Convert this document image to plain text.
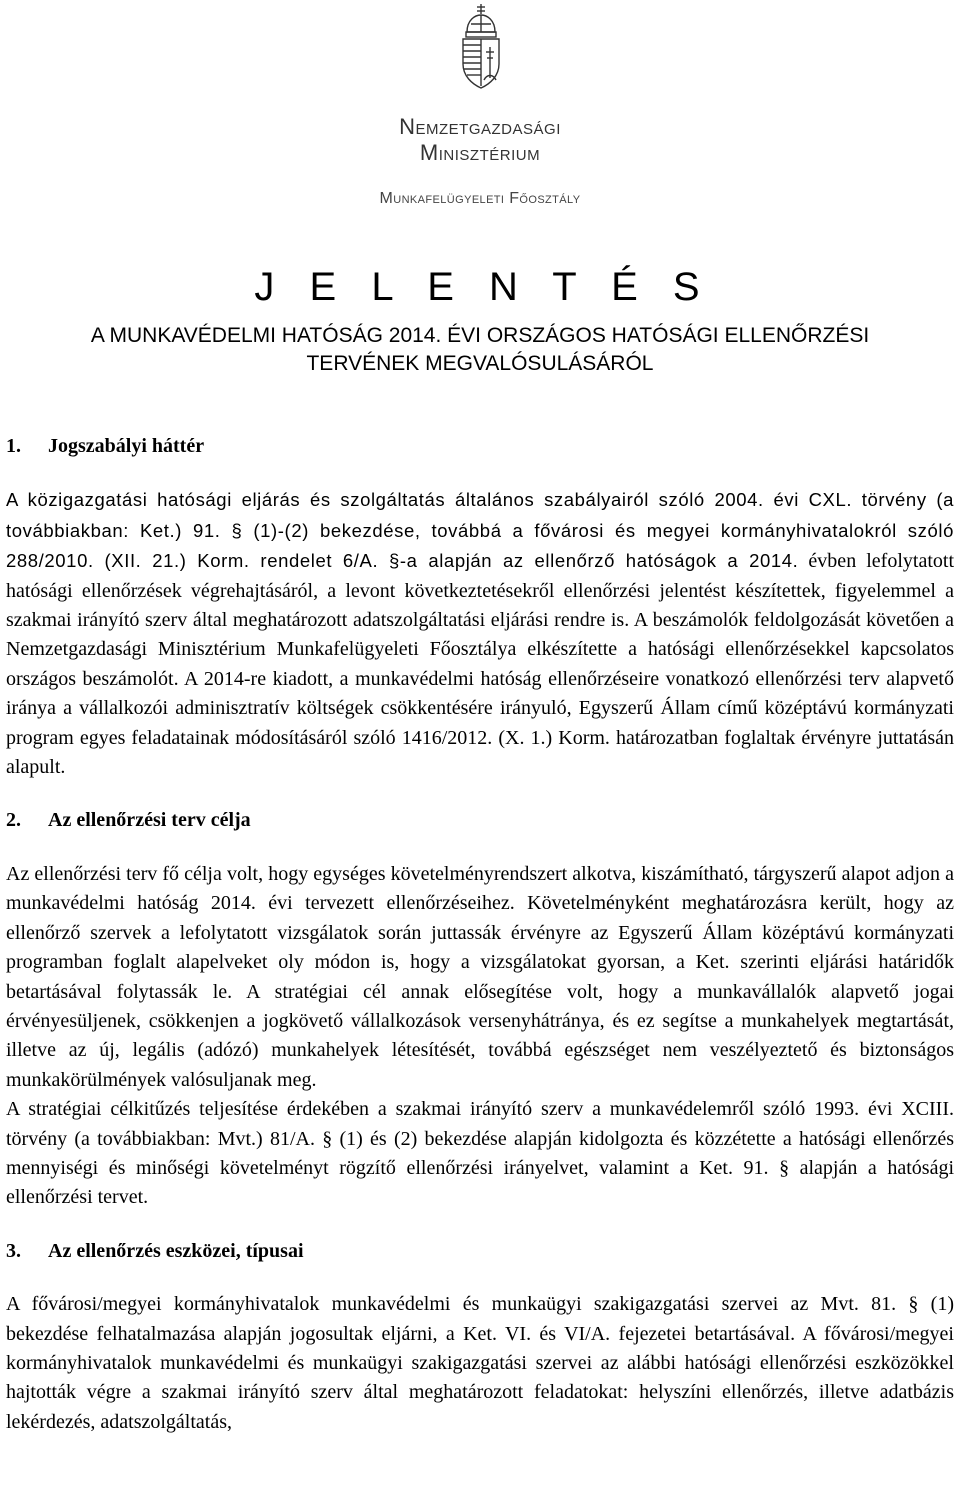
Nemzetgazdasági
Minisztérium
Munkafelügyeleti Főosztály
J E L E N T É S
A MUNKAVÉDELMI HATÓSÁG 2014. ÉVI ORSZÁGOS HATÓSÁGI ELLENŐRZÉSI
TERVÉNEK MEGVALÓSULÁSÁRÓL
1.	Jogszabályi háttér

A közigazgatási hatósági eljárás és szolgáltatás általános szabályairól szóló 2004. évi CXL. törvény (a továbbiakban: Ket.) 91. § (1)-(2) bekezdése, továbbá a fővárosi és megyei kormányhivatalokról szóló 288/2010. (XII. 21.) Korm. rendelet 6/A. §-a alapján az ellenőrző hatóságok a 2014. évben lefolytatott hatósági ellenőrzések végrehajtásáról, a levont következtetésekről ellenőrzési jelentést készítettek, figyelemmel a szakmai irányító szerv által meghatározott adatszolgáltatási eljárási rendre is. A beszámolók feldolgozását követően a Nemzetgazdasági Minisztérium Munkafelügyeleti Főosztálya elkészítette a hatósági ellenőrzésekkel kapcsolatos országos beszámolót. A 2014-re kiadott, a munkavédelmi hatóság ellenőrzéseire vonatkozó ellenőrzési terv alapvető iránya a vállalkozói adminisztratív költségek csökkentésére irányuló, Egyszerű Állam című középtávú kormányzati program egyes feladatainak módosításáról szóló 1416/2012. (X. 1.) Korm. határozatban foglaltak érvényre juttatásán alapult.

2.	Az ellenőrzési terv célja

Az ellenőrzési terv fő célja volt, hogy egységes követelményrendszert alkotva, kiszámítható, tárgyszerű alapot adjon a munkavédelmi hatóság 2014. évi tervezett ellenőrzéseihez. Követelményként meghatározásra került, hogy az ellenőrző szervek a lefolytatott vizsgálatok során juttassák érvényre az Egyszerű Állam középtávú kormányzati programban foglalt alapelveket oly módon is, hogy a vizsgálatokat gyorsan, a Ket. szerinti eljárási határidők betartásával folytassák le. A stratégiai cél annak elősegítése volt, hogy a munkavállalók alapvető jogai érvényesüljenek, csökkenjen a jogkövető vállalkozások versenyhátránya, és ez segítse a munkahelyek megtartását, illetve az új, legális (adózó) munkahelyek létesítését, továbbá egészséget nem veszélyeztető és biztonságos munkakörülmények valósuljanak meg.

A stratégiai célkitűzés teljesítése érdekében a szakmai irányító szerv a munkavédelemről szóló 1993. évi XCIII. törvény (a továbbiakban: Mvt.) 81/A. § (1) és (2) bekezdése alapján kidolgozta és közzétette a hatósági ellenőrzés mennyiségi és minőségi követelményt rögzítő ellenőrzési irányelvet, valamint a Ket. 91. § alapján a hatósági ellenőrzési tervet.

3.	Az ellenőrzés eszközei, típusai

A fővárosi/megyei kormányhivatalok munkavédelmi és munkaügyi szakigazgatási szervei az Mvt. 81. § (1) bekezdése felhatalmazása alapján jogosultak eljárni, a Ket. VI. és VI/A. fejezetei betartásával. A fővárosi/megyei kormányhivatalok munkavédelmi és munkaügyi szakigazgatási szervei az alábbi hatósági ellenőrzési eszközökkel hajtották végre a szakmai irányító szerv által meghatározott feladatokat: helyszíni ellenőrzés, illetve adatbázis lekérdezés, adatszolgáltatás,
